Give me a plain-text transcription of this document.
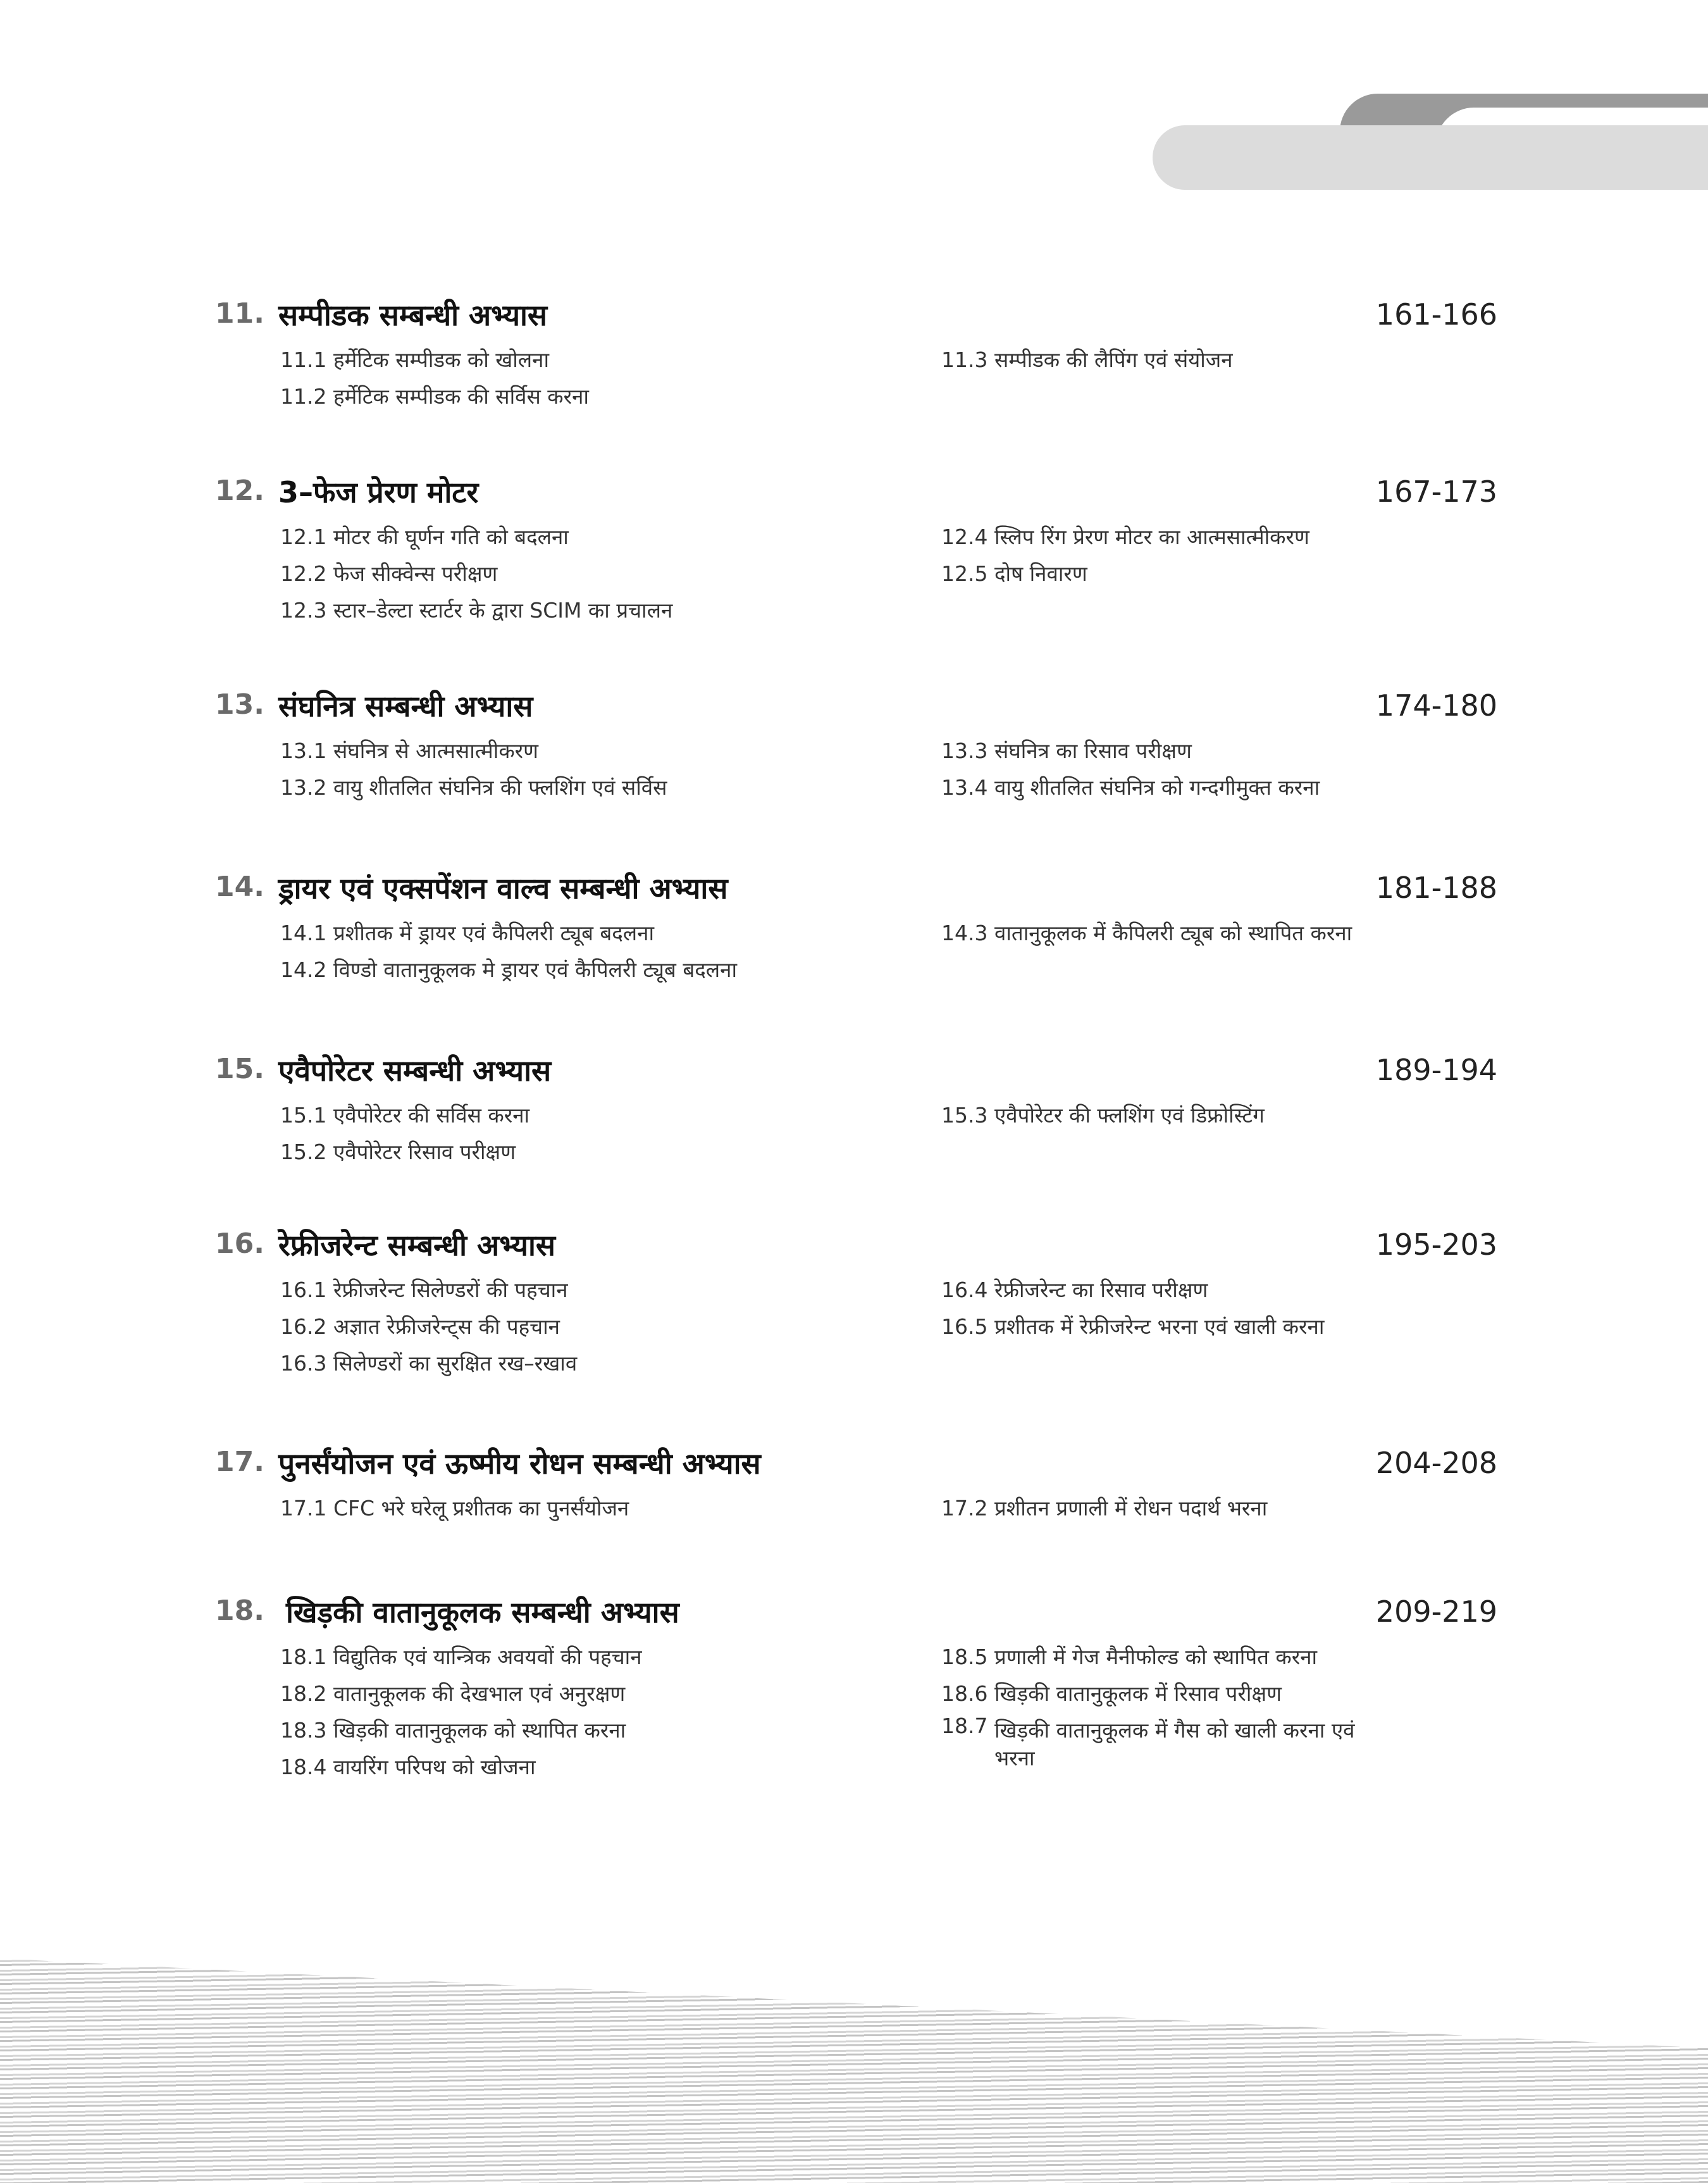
11. सम्पीडक सम्बन्धी अभ्यास	161-166
11.1 हर्मेटिक सम्पीडक को खोलना
11.2 हर्मेटिक सम्पीडक की सर्विस करना
11.3 सम्पीडक की लैपिंग एवं संयोजन
12. 3–फेज प्रेरण मोटर	167-173
12.1 मोटर की घूर्णन गति को बदलना
12.2 फेज सीक्वेन्स परीक्षण
12.3 स्टार–डेल्टा स्टार्टर के द्वारा SCIM का प्रचालन
12.4 स्लिप रिंग प्रेरण मोटर का आत्मसात्मीकरण
12.5 दोष निवारण
13. संघनित्र सम्बन्धी अभ्यास	174-180
13.1 संघनित्र से आत्मसात्मीकरण
13.2 वायु शीतलित संघनित्र की फ्लशिंग एवं सर्विस
13.3 संघनित्र का रिसाव परीक्षण
13.4 वायु शीतलित संघनित्र को गन्दगीमुक्त करना
14. ड्रायर एवं एक्सपेंशन वाल्व सम्बन्धी अभ्यास	181-188
14.1 प्रशीतक में ड्रायर एवं कैपिलरी ट्यूब बदलना
14.2 विण्डो वातानुकूलक मे ड्रायर एवं कैपिलरी ट्यूब बदलना
14.3 वातानुकूलक में कैपिलरी ट्यूब को स्थापित करना
15. एवैपोरेटर सम्बन्धी अभ्यास	189-194
15.1 एवैपोरेटर की सर्विस करना
15.2 एवैपोरेटर रिसाव परीक्षण
15.3 एवैपोरेटर की फ्लशिंग एवं डिफ्रोस्टिंग
16. रेफ्रीजरेन्ट सम्बन्धी अभ्यास	195-203
16.1 रेफ्रीजरेन्ट सिलेण्डरों की पहचान
16.2 अज्ञात रेफ्रीजरेन्ट्स की पहचान
16.3 सिलेण्डरों का सुरक्षित रख–रखाव
16.4 रेफ्रीजरेन्ट का रिसाव परीक्षण
16.5 प्रशीतक में रेफ्रीजरेन्ट भरना एवं खाली करना
17. पुनर्संयोजन एवं ऊष्मीय रोधन सम्बन्धी अभ्यास	204-208
17.1 CFC भरे घरेलू प्रशीतक का पुनर्संयोजन	17.2 प्रशीतन प्रणाली में रोधन पदार्थ भरना
18. खिड़की वातानुकूलक सम्बन्धी अभ्यास	209-219
18.1 विद्युतिक एवं यान्त्रिक अवयवों की पहचान
18.2 वातानुकूलक की देखभाल एवं अनुरक्षण
18.3 खिड़की वातानुकूलक को स्थापित करना
18.4 वायरिंग परिपथ को खोजना
18.5 प्रणाली में गेज मैनीफोल्ड को स्थापित करना
18.6 खिड़की वातानुकूलक में रिसाव परीक्षण
18.7 खिड़की वातानुकूलक में गैस को खाली करना एवं भरना
